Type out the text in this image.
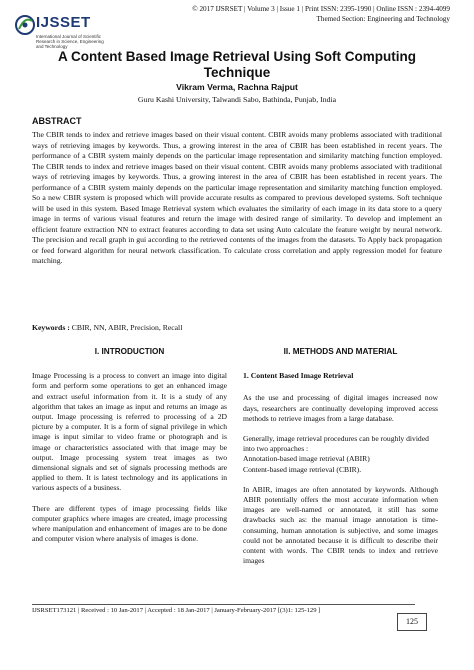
IJSSET
International Journal of Scientific Research in Science, Engineering and Technology
© 2017 IJSRSET | Volume 3 | Issue 1 | Print ISSN: 2395-1990 | Online ISSN : 2394-4099
Themed Section: Engineering and Technology
A Content Based Image Retrieval Using Soft Computing
Technique
Vikram Verma, Rachna Rajput
Guru Kashi University, Talwandi Sabo, Bathinda, Punjab, India
ABSTRACT
The CBIR tends to index and retrieve images based on their visual content. CBIR avoids many problems associated with traditional ways of retrieving images by keywords. Thus, a growing interest in the area of CBIR has been established in recent years. The performance of a CBIR system mainly depends on the particular image representation and similarity matching function employed. The CBIR tends to index and retrieve images based on their visual content. CBIR avoids many problems associated with traditional ways of retrieving images by keywords. Thus, a growing interest in the area of CBIR has been established in recent years. The performance of a CBIR system mainly depends on the particular image representation and similarity matching function employed. So a new CBIR system is proposed which will provide accurate results as compared to previous developed systems. Soft technique will be used in this system. Based Image Retrieval system which evaluates the similarity of each image in its data store to a query image in terms of various visual features and return the image with desired range of similarity. To develop and implement an efficient feature extraction NN to extract features according to data set using Auto calculate the feature weight by neural network. The precision and recall graph in gui according to the retrieved contents of the images from the datasets. To Apply back propagation or feed forward algorithm for neural network classification. To calculate cross correlation and apply regression model for feature matching.
Keywords : CBIR, NN, ABIR, Precision, Recall
I. INTRODUCTION

Image Processing is a process to convert an image into digital form and perform some operations to get an enhanced image and extract useful information from it. It is a study of any algorithm that takes an image as input and returns an image as output. Image processing is referred to processing of a 2D picture by a computer. It is a form of signal privilege in which image is input similar to video frame or photograph and is image or characteristics associated with that image may be output. Image processing system treat images as two dimensional signals and set of signals processing methods are applied to them. It is latest technology and its applications in various aspects of a business.

There are different types of image processing fields like computer graphics where images are created, image processing where manipulation and enhancement of images are to be done and computer vision where analysis of images is done.

II. METHODS AND MATERIAL
1. Content Based Image Retrieval

As the use and processing of digital images increased now days, researchers are continually developing improved access methods to retrieve images from a large database.

Generally, image retrieval procedures can be roughly divided into two approaches :
Annotation-based image retrieval (ABIR)
Content-based image retrieval (CBIR).

In ABIR, images are often annotated by keywords. Although ABIR potentially offers the most accurate information when images are well-named or annotated, it still has some drawbacks such as: the manual image annotation is time-consuming, human annotation is subjective, and some images could not be annotated because it is difficult to describe their content with words. The CBIR tends to index and retrieve images

IJSRSET173121 | Received : 10 Jan-2017 | Accepted : 18 Jan-2017 | January-February-2017 [(3)1: 125-129 ]
125
